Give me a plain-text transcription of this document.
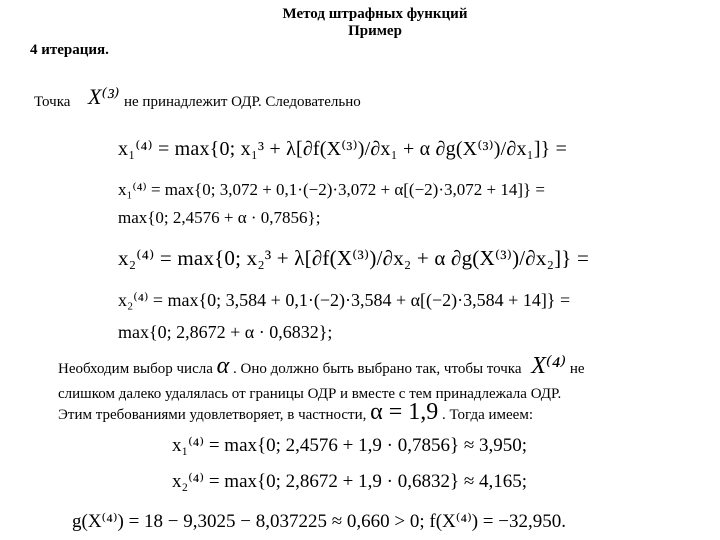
Метод штрафных функций
Пример
4 итерация.
Точка X⁽³⁾ не принадлежит ОДР. Следовательно
x₁⁽⁴⁾ = max{0; x₁³ + λ[∂f(X⁽³⁾)/∂x₁ + α ∂g(X⁽³⁾)/∂x₁]} =
x₁⁽⁴⁾ = max{0; 3,072 + 0,1·(−2)·3,072 + α[(−2)·3,072 + 14]} =
max{0; 2,4576 + α · 0,7856};
x₂⁽⁴⁾ = max{0; x₂³ + λ[∂f(X⁽³⁾)/∂x₂ + α ∂g(X⁽³⁾)/∂x₂]} =
x₂⁽⁴⁾ = max{0; 3,584 + 0,1·(−2)·3,584 + α[(−2)·3,584 + 14]} =
max{0; 2,8672 + α · 0,6832};
Необходим выбор числа α . Оно должно быть выбрано так, чтобы точка X⁽⁴⁾ не
слишком далеко удалялась от границы ОДР и вместе с тем принадлежала ОДР.
Этим требованиями удовлетворяет, в частности, α = 1,9 . Тогда имеем:
x₁⁽⁴⁾ = max{0; 2,4576 + 1,9 · 0,7856} ≈ 3,950;
x₂⁽⁴⁾ = max{0; 2,8672 + 1,9 · 0,6832} ≈ 4,165;
g(X⁽⁴⁾) = 18 − 9,3025 − 8,037225 ≈ 0,660 > 0; f(X⁽⁴⁾) = −32,950.
